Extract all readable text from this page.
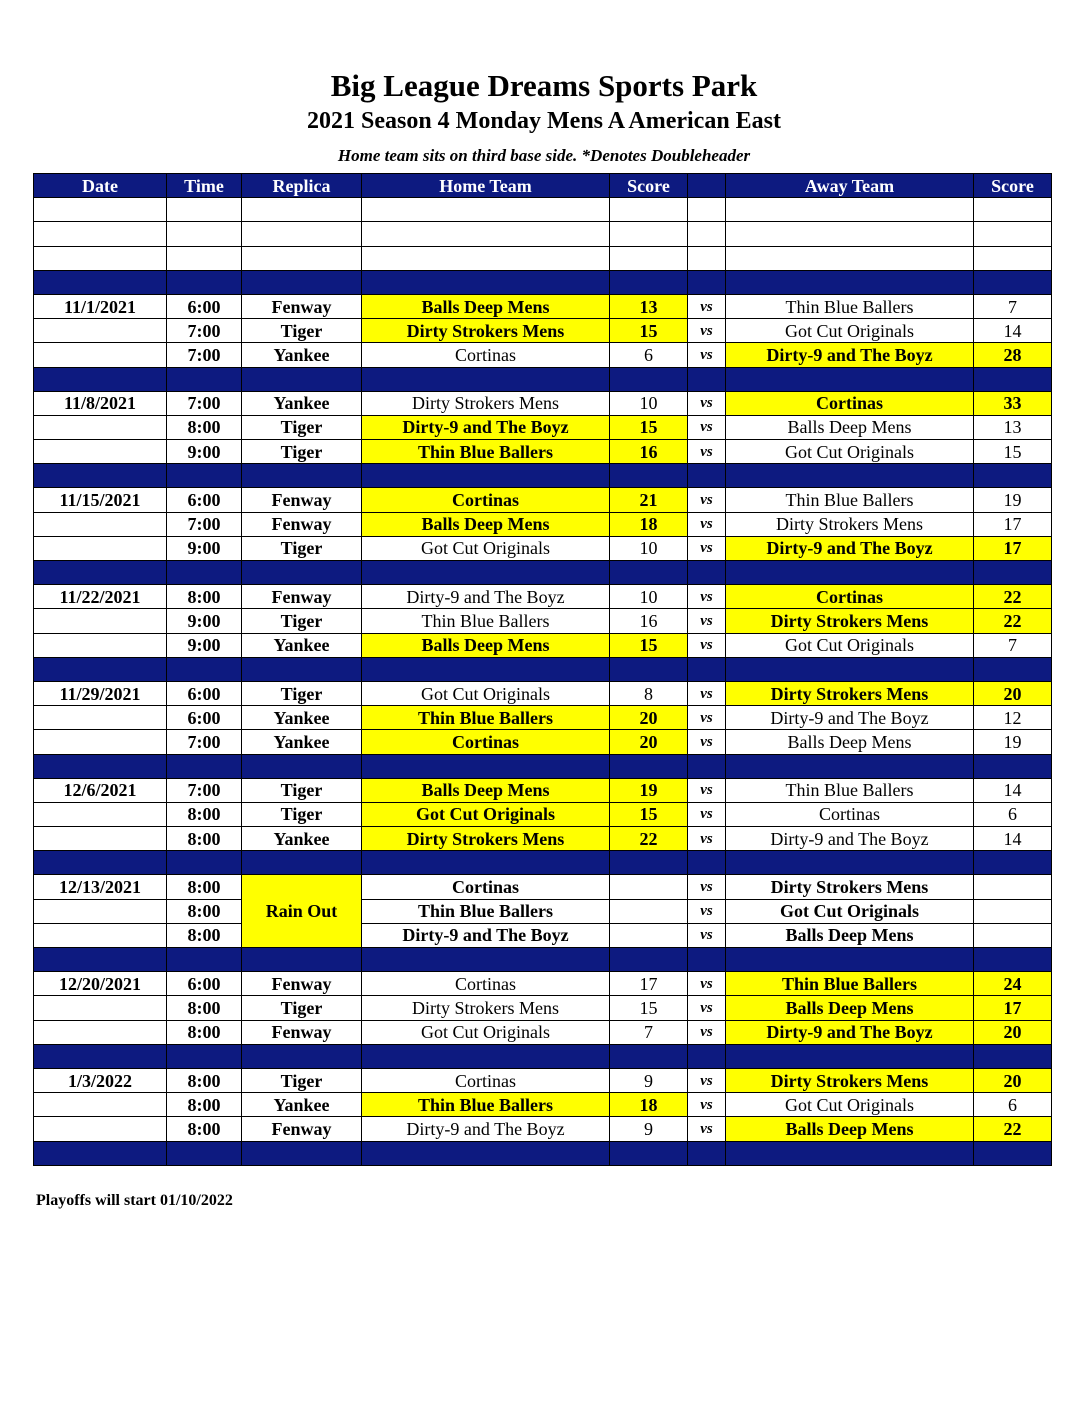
Big League Dreams Sports Park
2021 Season 4 Monday Mens A American East
Home team sits on third base side. *Denotes Doubleheader
Date	Time	Replica	Home Team	Score		Away Team	Score

11/1/2021	6:00	Fenway	Balls Deep Mens	13	vs	Thin Blue Ballers	7
	7:00	Tiger	Dirty Strokers Mens	15	vs	Got Cut Originals	14
	7:00	Yankee	Cortinas	6	vs	Dirty-9 and The Boyz	28

11/8/2021	7:00	Yankee	Dirty Strokers Mens	10	vs	Cortinas	33
	8:00	Tiger	Dirty-9 and The Boyz	15	vs	Balls Deep Mens	13
	9:00	Tiger	Thin Blue Ballers	16	vs	Got Cut Originals	15

11/15/2021	6:00	Fenway	Cortinas	21	vs	Thin Blue Ballers	19
	7:00	Fenway	Balls Deep Mens	18	vs	Dirty Strokers Mens	17
	9:00	Tiger	Got Cut Originals	10	vs	Dirty-9 and The Boyz	17

11/22/2021	8:00	Fenway	Dirty-9 and The Boyz	10	vs	Cortinas	22
	9:00	Tiger	Thin Blue Ballers	16	vs	Dirty Strokers Mens	22
	9:00	Yankee	Balls Deep Mens	15	vs	Got Cut Originals	7

11/29/2021	6:00	Tiger	Got Cut Originals	8	vs	Dirty Strokers Mens	20
	6:00	Yankee	Thin Blue Ballers	20	vs	Dirty-9 and The Boyz	12
	7:00	Yankee	Cortinas	20	vs	Balls Deep Mens	19

12/6/2021	7:00	Tiger	Balls Deep Mens	19	vs	Thin Blue Ballers	14
	8:00	Tiger	Got Cut Originals	15	vs	Cortinas	6
	8:00	Yankee	Dirty Strokers Mens	22	vs	Dirty-9 and The Boyz	14

12/13/2021	8:00	Rain Out	Cortinas		vs	Dirty Strokers Mens	
	8:00		Thin Blue Ballers		vs	Got Cut Originals	
	8:00		Dirty-9 and The Boyz		vs	Balls Deep Mens	

12/20/2021	6:00	Fenway	Cortinas	17	vs	Thin Blue Ballers	24
	8:00	Tiger	Dirty Strokers Mens	15	vs	Balls Deep Mens	17
	8:00	Fenway	Got Cut Originals	7	vs	Dirty-9 and The Boyz	20

1/3/2022	8:00	Tiger	Cortinas	9	vs	Dirty Strokers Mens	20
	8:00	Yankee	Thin Blue Ballers	18	vs	Got Cut Originals	6
	8:00	Fenway	Dirty-9 and The Boyz	9	vs	Balls Deep Mens	22

Playoffs will start 01/10/2022
